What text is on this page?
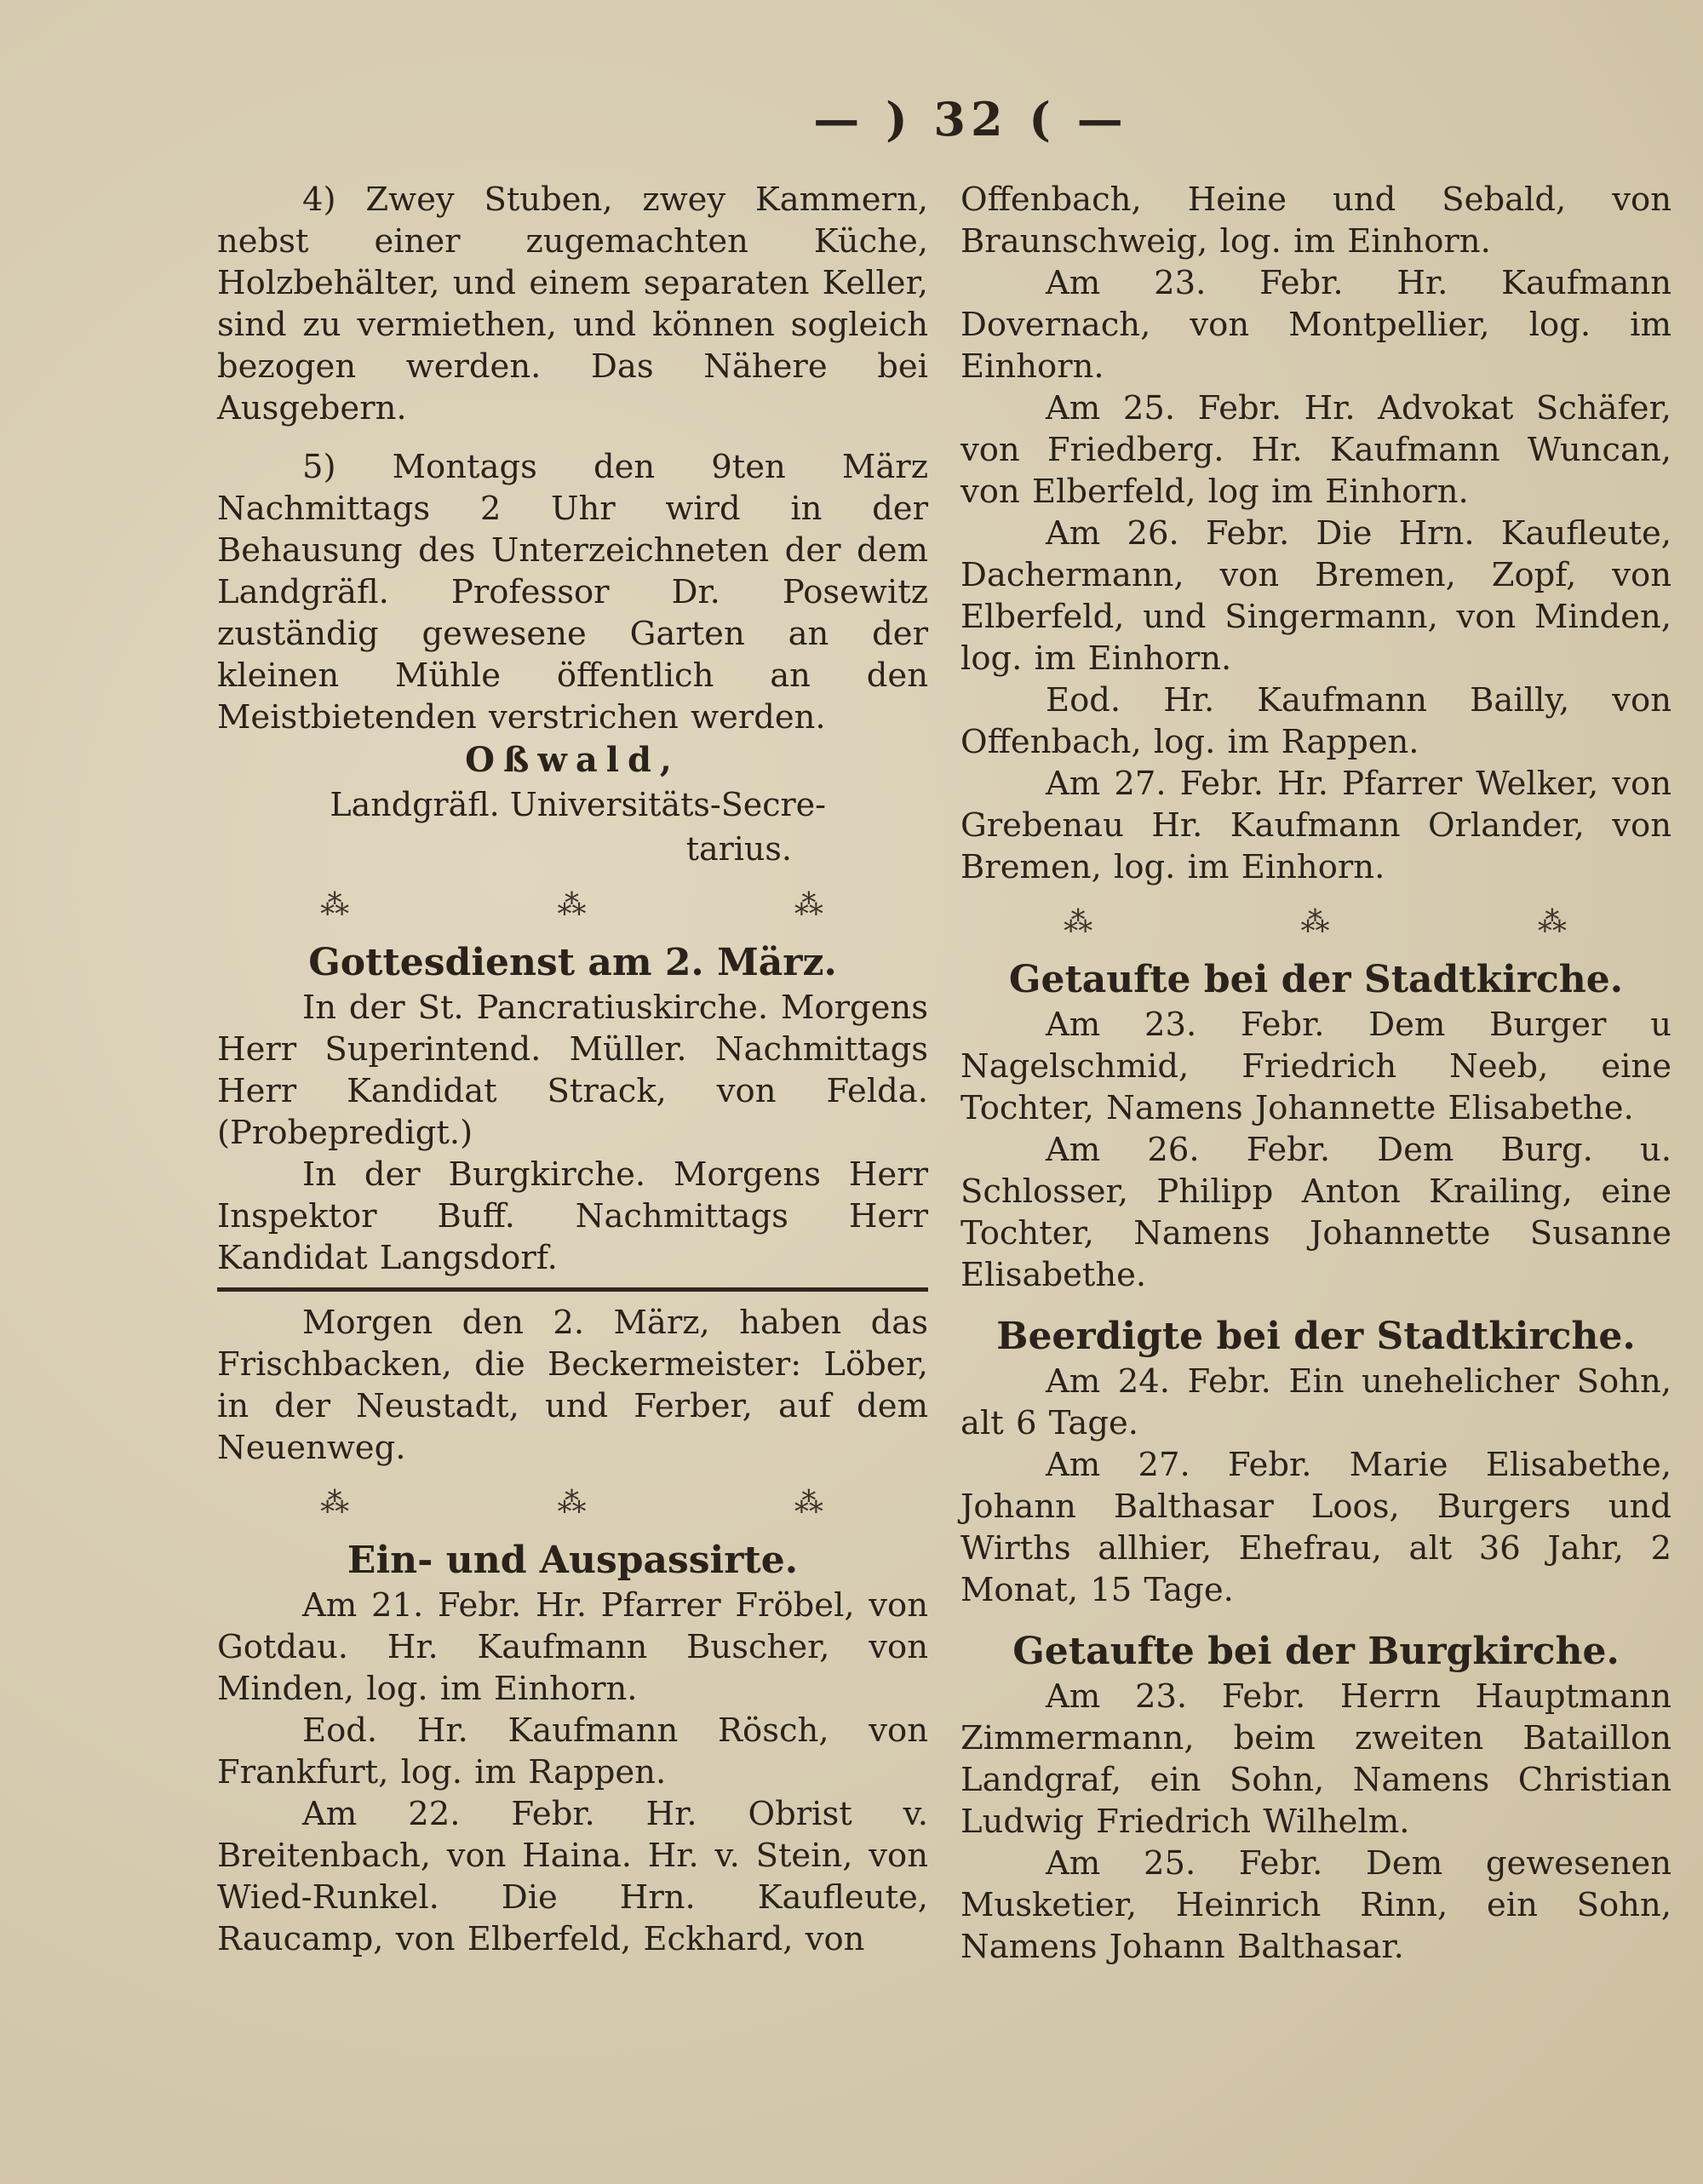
— ) 32 ( —

4) Zwey Stuben, zwey Kammern, nebst einer zugemachten Küche, Holzbehälter, und einem separaten Keller, sind zu vermiethen, und können sogleich bezogen werden. Das Nähere bei Ausgebern.

5) Montags den 9ten März Nachmittags 2 Uhr wird in der Behausung des Unterzeichneten der dem Landgräfl. Professor Dr. Posewitz zuständig gewesene Garten an der kleinen Mühle öffentlich an den Meistbietenden verstrichen werden.

Oßwald,

Landgräfl. Universitäts-Secre-

tarius.

⁂	⁂	⁂

Gottesdienst am 2. März.

In der St. Pancratiuskirche. Morgens Herr Superintend. Müller. Nachmittags Herr Kandidat Strack, von Felda. (Probepredigt.)

In der Burgkirche. Morgens Herr Inspektor Buff. Nachmittags Herr Kandidat Langsdorf.

Morgen den 2. März, haben das Frischbacken, die Beckermeister: Löber, in der Neustadt, und Ferber, auf dem Neuenweg.

⁂	⁂	⁂

Ein- und Auspassirte.

Am 21. Febr. Hr. Pfarrer Fröbel, von Gotdau. Hr. Kaufmann Buscher, von Minden, log. im Einhorn.

Eod. Hr. Kaufmann Rösch, von Frankfurt, log. im Rappen.

Am 22. Febr. Hr. Obrist v. Breitenbach, von Haina. Hr. v. Stein, von Wied-Runkel. Die Hrn. Kaufleute, Raucamp, von Elberfeld, Eckhard, von

Offenbach, Heine und Sebald, von Braunschweig, log. im Einhorn.

Am 23. Febr. Hr. Kaufmann Dovernach, von Montpellier, log. im Einhorn.

Am 25. Febr. Hr. Advokat Schäfer, von Friedberg. Hr. Kaufmann Wuncan, von Elberfeld, log im Einhorn.

Am 26. Febr. Die Hrn. Kaufleute, Dachermann, von Bremen, Zopf, von Elberfeld, und Singermann, von Minden, log. im Einhorn.

Eod. Hr. Kaufmann Bailly, von Offenbach, log. im Rappen.

Am 27. Febr. Hr. Pfarrer Welker, von Grebenau Hr. Kaufmann Orlander, von Bremen, log. im Einhorn.

⁂	⁂	⁂

Getaufte bei der Stadtkirche.

Am 23. Febr. Dem Burger u Nagelschmid, Friedrich Neeb, eine Tochter, Namens Johannette Elisabethe.

Am 26. Febr. Dem Burg. u. Schlosser, Philipp Anton Krailing, eine Tochter, Namens Johannette Susanne Elisabethe.

Beerdigte bei der Stadtkirche.

Am 24. Febr. Ein unehelicher Sohn, alt 6 Tage.

Am 27. Febr. Marie Elisabethe, Johann Balthasar Loos, Burgers und Wirths allhier, Ehefrau, alt 36 Jahr, 2 Monat, 15 Tage.

Getaufte bei der Burgkirche.

Am 23. Febr. Herrn Hauptmann Zimmermann, beim zweiten Bataillon Landgraf, ein Sohn, Namens Christian Ludwig Friedrich Wilhelm.

Am 25. Febr. Dem gewesenen Musketier, Heinrich Rinn, ein Sohn, Namens Johann Balthasar.
